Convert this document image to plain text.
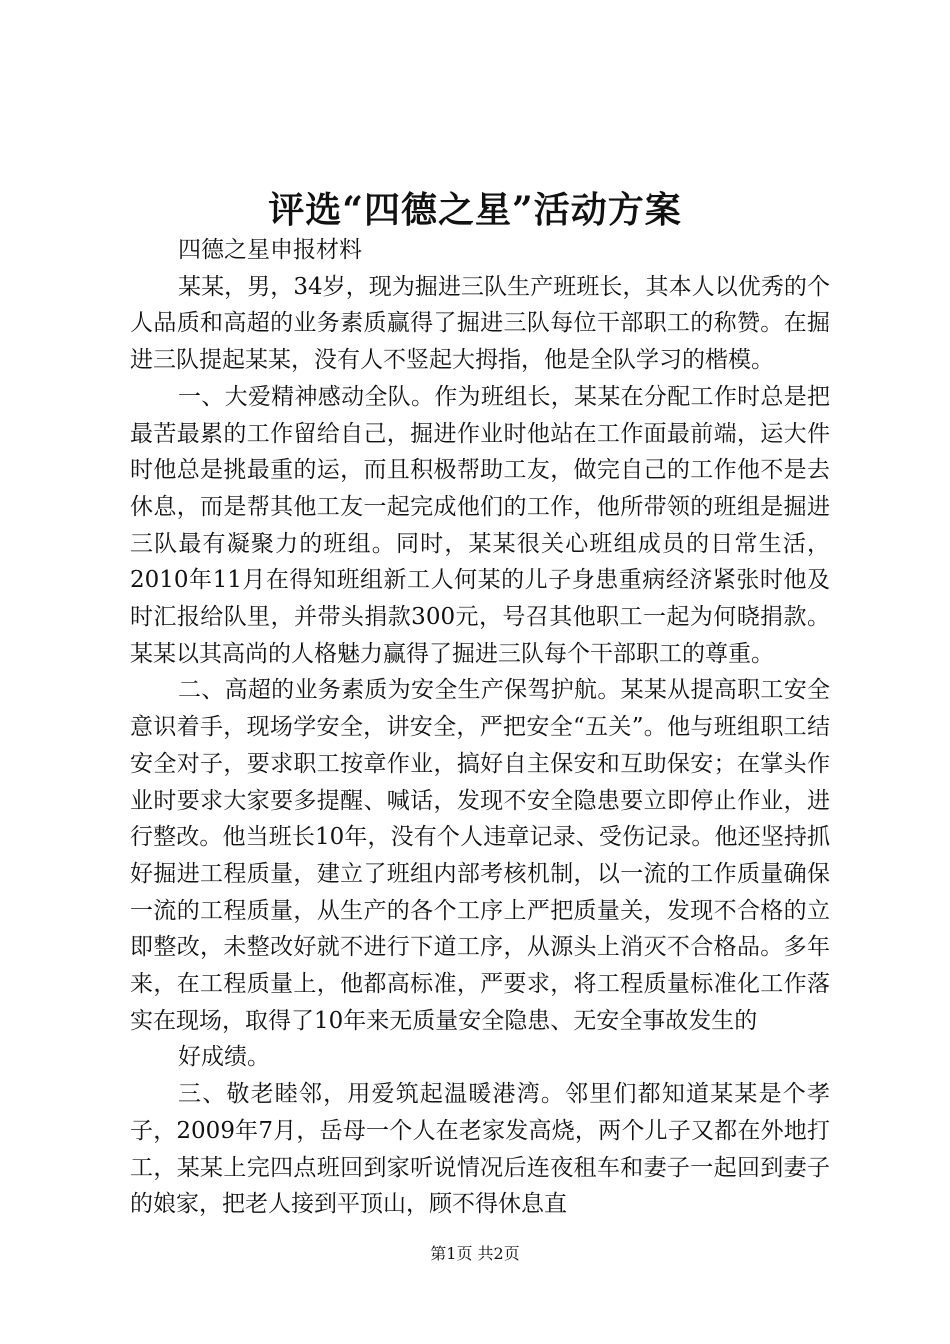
评选“四德之星”活动方案

四德之星申报材料

某某，男，34岁，现为掘进三队生产班班长，其本人以优秀的个人品质和高超的业务素质赢得了掘进三队每位干部职工的称赞。在掘进三队提起某某，没有人不竖起大拇指，他是全队学习的楷模。

一、大爱精神感动全队。作为班组长，某某在分配工作时总是把最苦最累的工作留给自己，掘进作业时他站在工作面最前端，运大件时他总是挑最重的运，而且积极帮助工友，做完自己的工作他不是去休息，而是帮其他工友一起完成他们的工作，他所带领的班组是掘进三队最有凝聚力的班组。同时，某某很关心班组成员的日常生活，2010年11月在得知班组新工人何某的儿子身患重病经济紧张时他及时汇报给队里，并带头捐款300元，号召其他职工一起为何晓捐款。某某以其高尚的人格魅力赢得了掘进三队每个干部职工的尊重。

二、高超的业务素质为安全生产保驾护航。某某从提高职工安全意识着手，现场学安全，讲安全，严把安全“五关”。他与班组职工结安全对子，要求职工按章作业，搞好自主保安和互助保安；在掌头作业时要求大家要多提醒、喊话，发现不安全隐患要立即停止作业，进行整改。他当班长10年，没有个人违章记录、受伤记录。他还坚持抓好掘进工程质量，建立了班组内部考核机制，以一流的工作质量确保一流的工程质量，从生产的各个工序上严把质量关，发现不合格的立即整改，未整改好就不进行下道工序，从源头上消灭不合格品。多年来，在工程质量上，他都高标准，严要求，将工程质量标准化工作落实在现场，取得了10年来无质量安全隐患、无安全事故发生的

好成绩。

三、敬老睦邻，用爱筑起温暖港湾。邻里们都知道某某是个孝子，2009年7月，岳母一个人在老家发高烧，两个儿子又都在外地打工，某某上完四点班回到家听说情况后连夜租车和妻子一起回到妻子的娘家，把老人接到平顶山，顾不得休息直

第1页 共2页
